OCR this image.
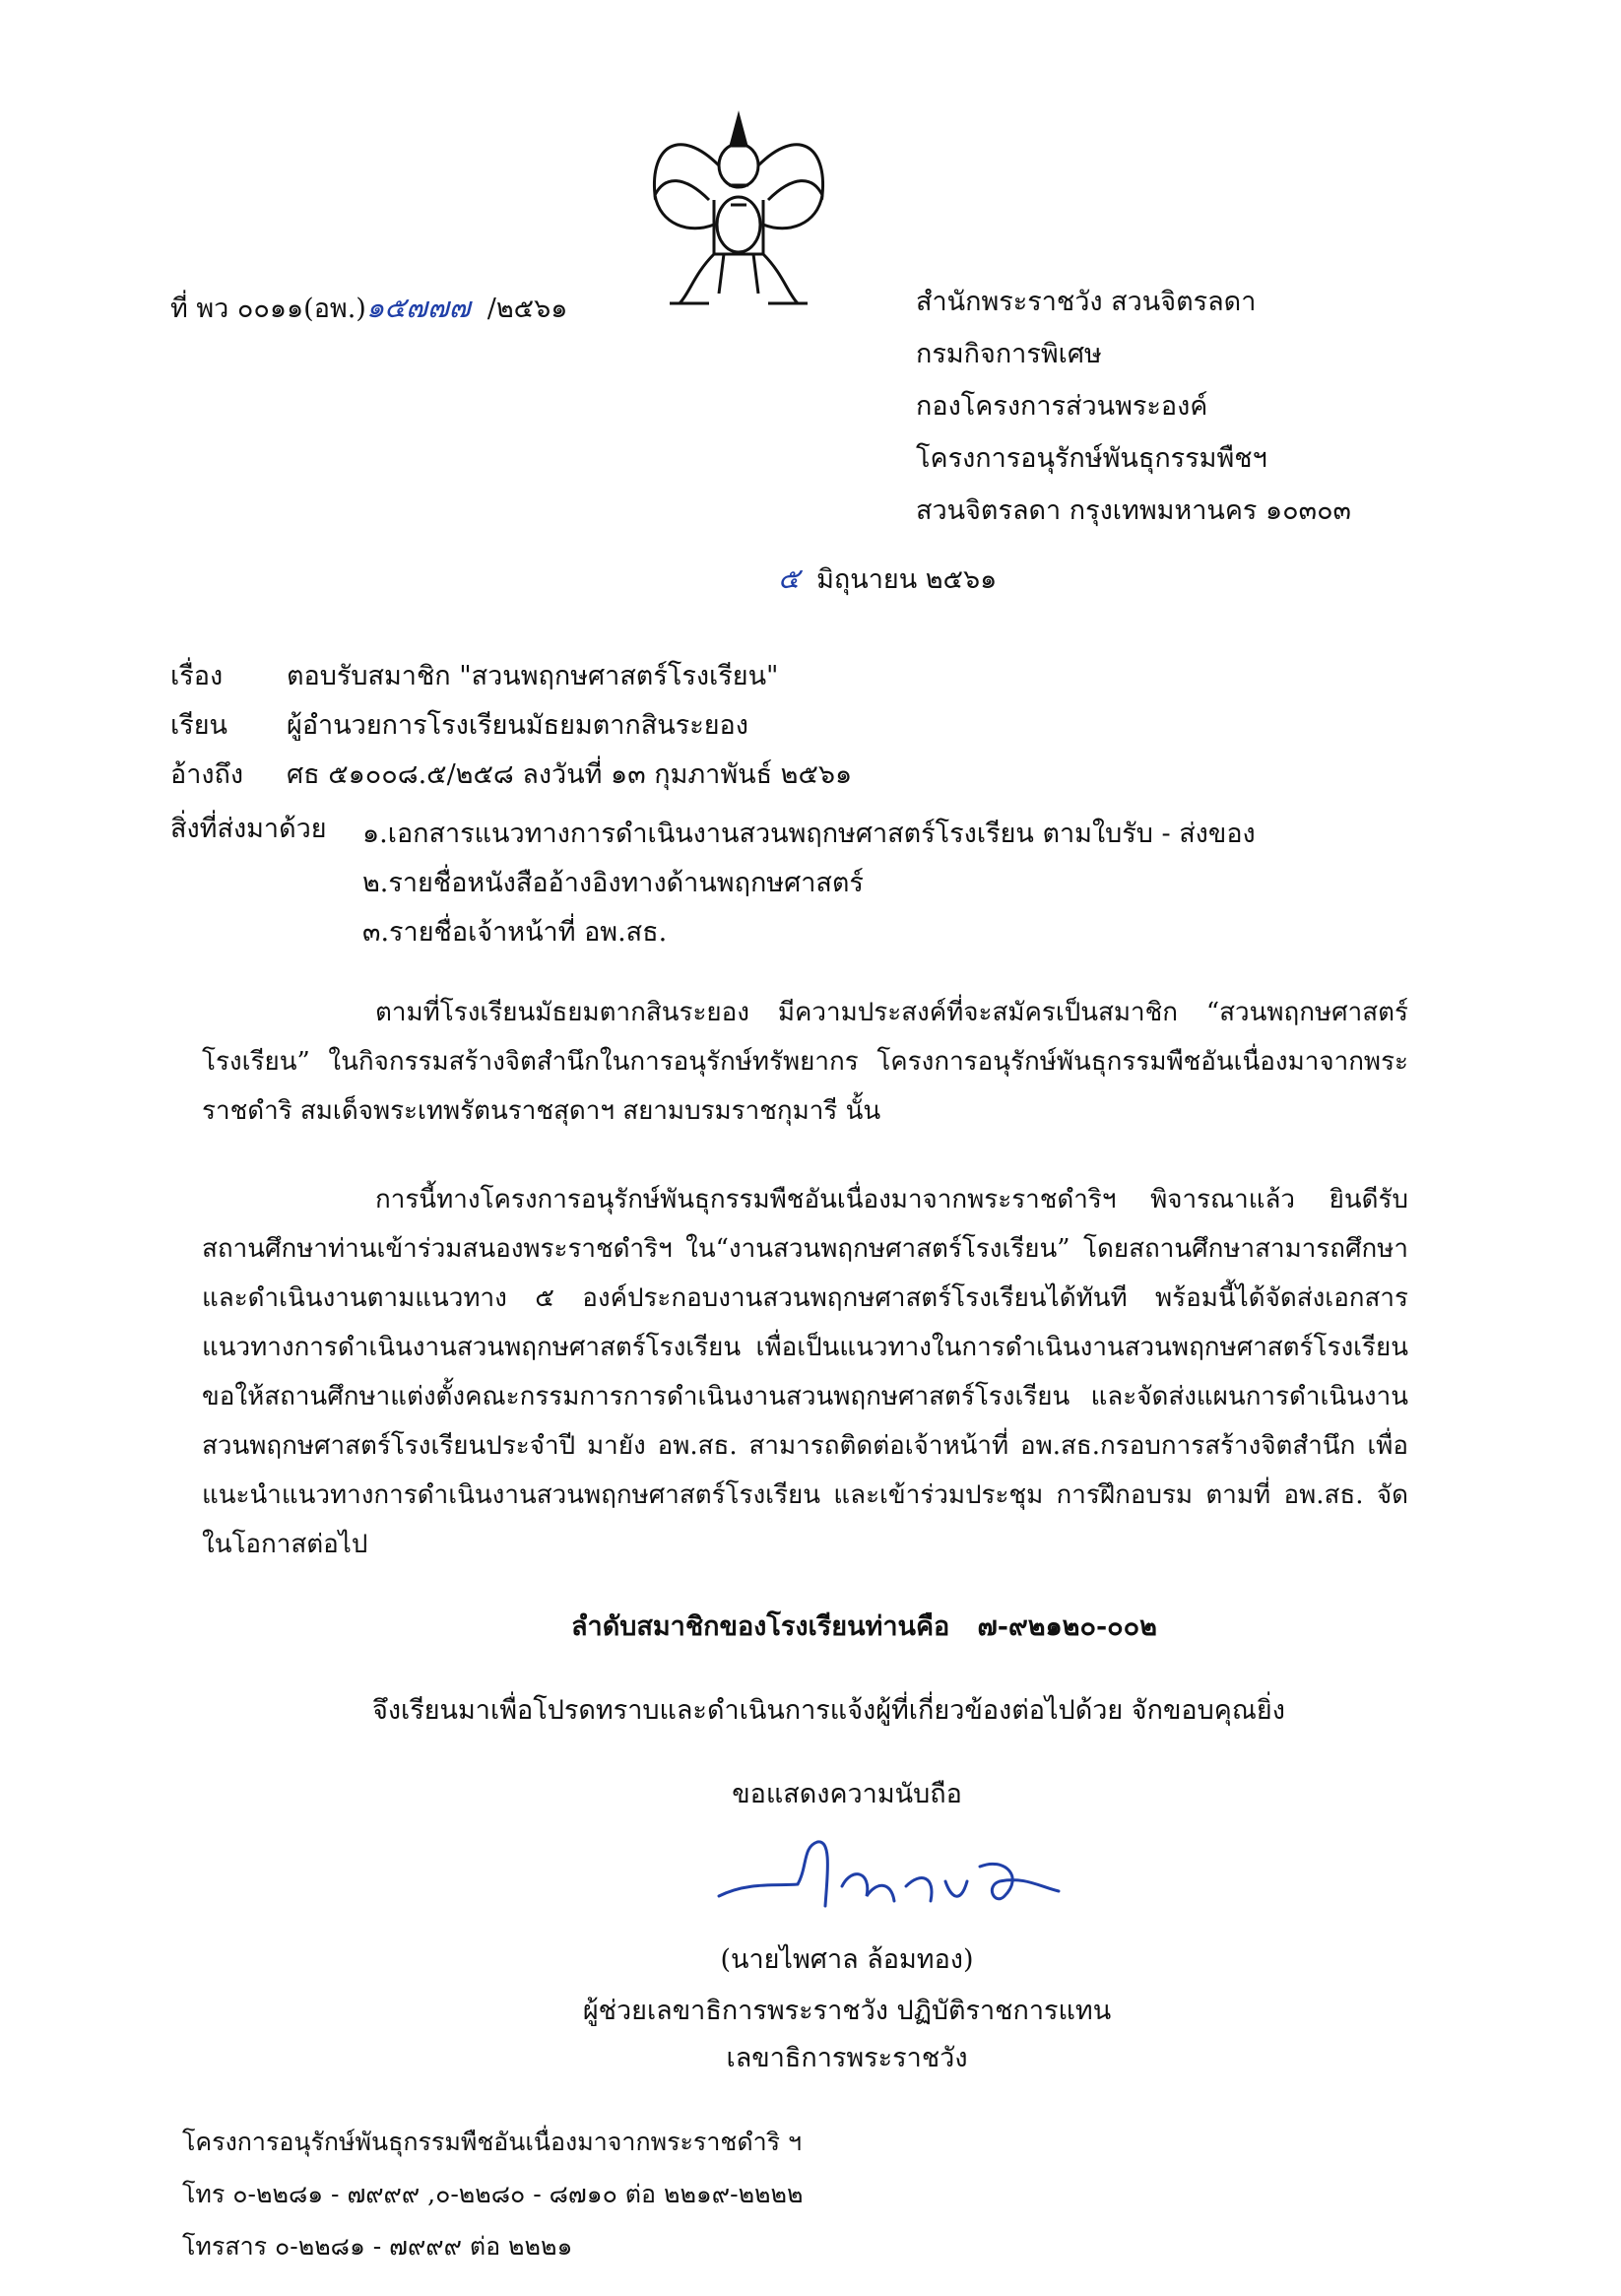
ที่ พว ๐๐๑๑(อพ.)๑๕๗๗๗ /๒๕๖๑	สำนักพระราชวัง สวนจิตรลดา
กรมกิจการพิเศษ
กองโครงการส่วนพระองค์
โครงการอนุรักษ์พันธุกรรมพืชฯ
สวนจิตรลดา กรุงเทพมหานคร ๑๐๓๐๓
๕ มิถุนายน ๒๕๖๑
เรื่อง ตอบรับสมาชิก "สวนพฤกษศาสตร์โรงเรียน"
เรียน ผู้อำนวยการโรงเรียนมัธยมตากสินระยอง
อ้างถึง ศธ ๕๑๐๐๘.๕/๒๕๘ ลงวันที่ ๑๓ กุมภาพันธ์ ๒๕๖๑
สิ่งที่ส่งมาด้วย ๑.เอกสารแนวทางการดำเนินงานสวนพฤกษศาสตร์โรงเรียน ตามใบรับ - ส่งของ
๒.รายชื่อหนังสืออ้างอิงทางด้านพฤกษศาสตร์
๓.รายชื่อเจ้าหน้าที่ อพ.สธ.
ตามที่โรงเรียนมัธยมตากสินระยอง มีความประสงค์ที่จะสมัครเป็นสมาชิก “สวนพฤกษศาสตร์โรงเรียน” ในกิจกรรมสร้างจิตสำนึกในการอนุรักษ์ทรัพยากร โครงการอนุรักษ์พันธุกรรมพืชอันเนื่องมาจากพระราชดำริ สมเด็จพระเทพรัตนราชสุดาฯ สยามบรมราชกุมารี นั้น
การนี้ทางโครงการอนุรักษ์พันธุกรรมพืชอันเนื่องมาจากพระราชดำริฯ พิจารณาแล้ว ยินดีรับสถานศึกษาท่านเข้าร่วมสนองพระราชดำริฯ ใน“งานสวนพฤกษศาสตร์โรงเรียน” โดยสถานศึกษาสามารถศึกษาและดำเนินงานตามแนวทาง ๕ องค์ประกอบงานสวนพฤกษศาสตร์โรงเรียนได้ทันที พร้อมนี้ได้จัดส่งเอกสารแนวทางการดำเนินงานสวนพฤกษศาสตร์โรงเรียน เพื่อเป็นแนวทางในการดำเนินงานสวนพฤกษศาสตร์โรงเรียน ขอให้สถานศึกษาแต่งตั้งคณะกรรมการการดำเนินงานสวนพฤกษศาสตร์โรงเรียน และจัดส่งแผนการดำเนินงานสวนพฤกษศาสตร์โรงเรียนประจำปี มายัง อพ.สธ. สามารถติดต่อเจ้าหน้าที่ อพ.สธ.กรอบการสร้างจิตสำนึก เพื่อแนะนำแนวทางการดำเนินงานสวนพฤกษศาสตร์โรงเรียน และเข้าร่วมประชุม การฝึกอบรม ตามที่ อพ.สธ. จัดในโอกาสต่อไป
ลำดับสมาชิกของโรงเรียนท่านคือ ๗-๙๒๑๒๐-๐๐๒
จึงเรียนมาเพื่อโปรดทราบและดำเนินการแจ้งผู้ที่เกี่ยวข้องต่อไปด้วย จักขอบคุณยิ่ง
ขอแสดงความนับถือ
(นายไพศาล ล้อมทอง)
ผู้ช่วยเลขาธิการพระราชวัง ปฏิบัติราชการแทน
เลขาธิการพระราชวัง
โครงการอนุรักษ์พันธุกรรมพืชอันเนื่องมาจากพระราชดำริ ฯ
โทร ๐-๒๒๘๑ - ๗๙๙๙ ,๐-๒๒๘๐ - ๘๗๑๐ ต่อ ๒๒๑๙-๒๒๒๒
โทรสาร ๐-๒๒๘๑ - ๗๙๙๙ ต่อ ๒๒๒๑
